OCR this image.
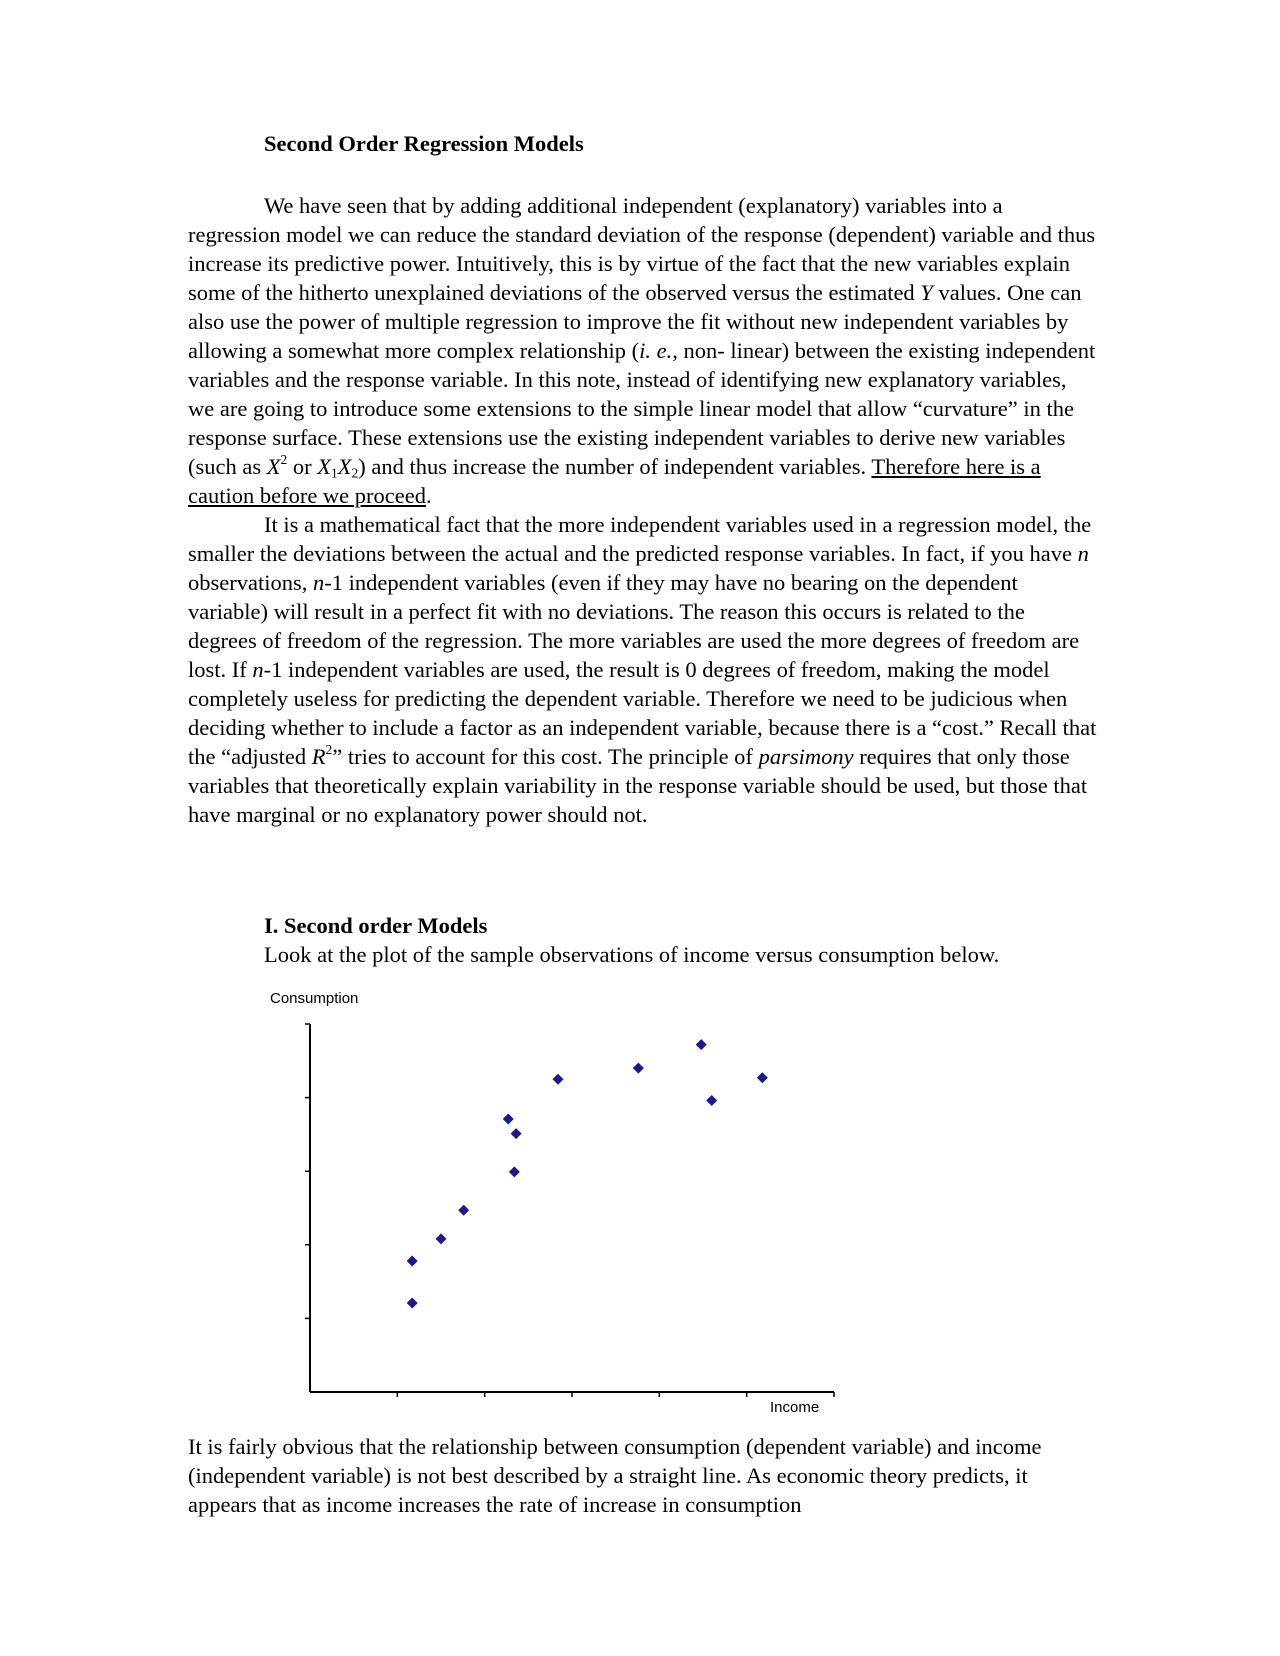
Second Order Regression Models

We have seen that by adding additional independent (explanatory) variables into a regression model we can reduce the standard deviation of the response (dependent) variable and thus increase its predictive power. Intuitively, this is by virtue of the fact that the new variables explain some of the hitherto unexplained deviations of the observed versus the estimated Y values. One can also use the power of multiple regression to improve the fit without new independent variables by allowing a somewhat more complex relationship (i. e., non- linear) between the existing independent variables and the response variable. In this note, instead of identifying new explanatory variables, we are going to introduce some extensions to the simple linear model that allow “curvature” in the response surface. These extensions use the existing independent variables to derive new variables (such as $X^2$ or $X_1X_2$) and thus increase the number of independent variables. Therefore here is a caution before we proceed.

It is a mathematical fact that the more independent variables used in a regression model, the smaller the deviations between the actual and the predicted response variables. In fact, if you have n observations, n-1 independent variables (even if they may have no bearing on the dependent variable) will result in a perfect fit with no deviations. The reason this occurs is related to the degrees of freedom of the regression. The more variables are used the more degrees of freedom are lost. If n-1 independent variables are used, the result is 0 degrees of freedom, making the model completely useless for predicting the dependent variable. Therefore we need to be judicious when deciding whether to include a factor as an independent variable, because there is a “cost.” Recall that the “adjusted $R^2$” tries to account for this cost. The principle of parsimony requires that only those variables that theoretically explain variability in the response variable should be used, but those that have marginal or no explanatory power should not.

I. Second order Models
Look at the plot of the sample observations of income versus consumption below.
Consumption
Income
It is fairly obvious that the relationship between consumption (dependent variable) and income (independent variable) is not best described by a straight line. As economic theory predicts, it appears that as income increases the rate of increase in consumption
